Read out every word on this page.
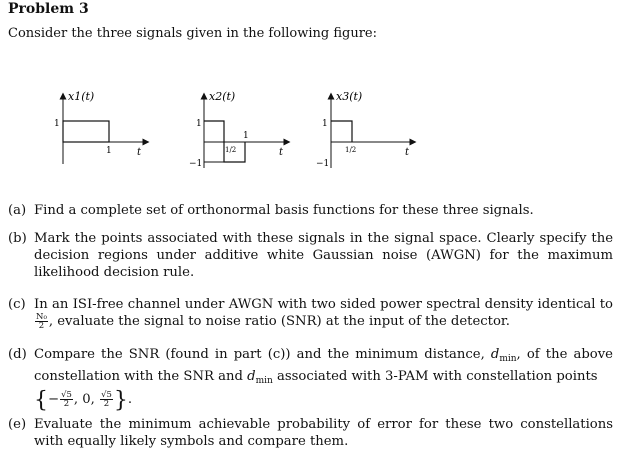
Problem 3
Consider the three signals given in the following figure:
x1(t)
1
1	t
x2(t)
1
1/2
1
−1
t
x3(t)
1
1/2
−1
t
(a) Find a complete set of orthonormal basis functions for these three signals.
(b) Mark the points associated with these signals in the signal space. Clearly specify the decision regions under additive white Gaussian noise (AWGN) for the maximum likelihood decision rule.
(c) In an ISI-free channel under AWGN with two sided power spectral density identical to
$\frac{\text{N₀}}{2}$ , evaluate the signal to noise ratio (SNR) at the input of the detector.
(d) Compare the SNR (found in part (c)) and the minimum distance, $d_{min}$, of the above constellation with the SNR and $d_{min}$ associated with 3-PAM with constellation points
{− $\frac{√5}{2}$ , 0, $\frac{√5}{2}$ }.
(e) Evaluate the minimum achievable probability of error for these two constellations with equally likely symbols and compare them.
